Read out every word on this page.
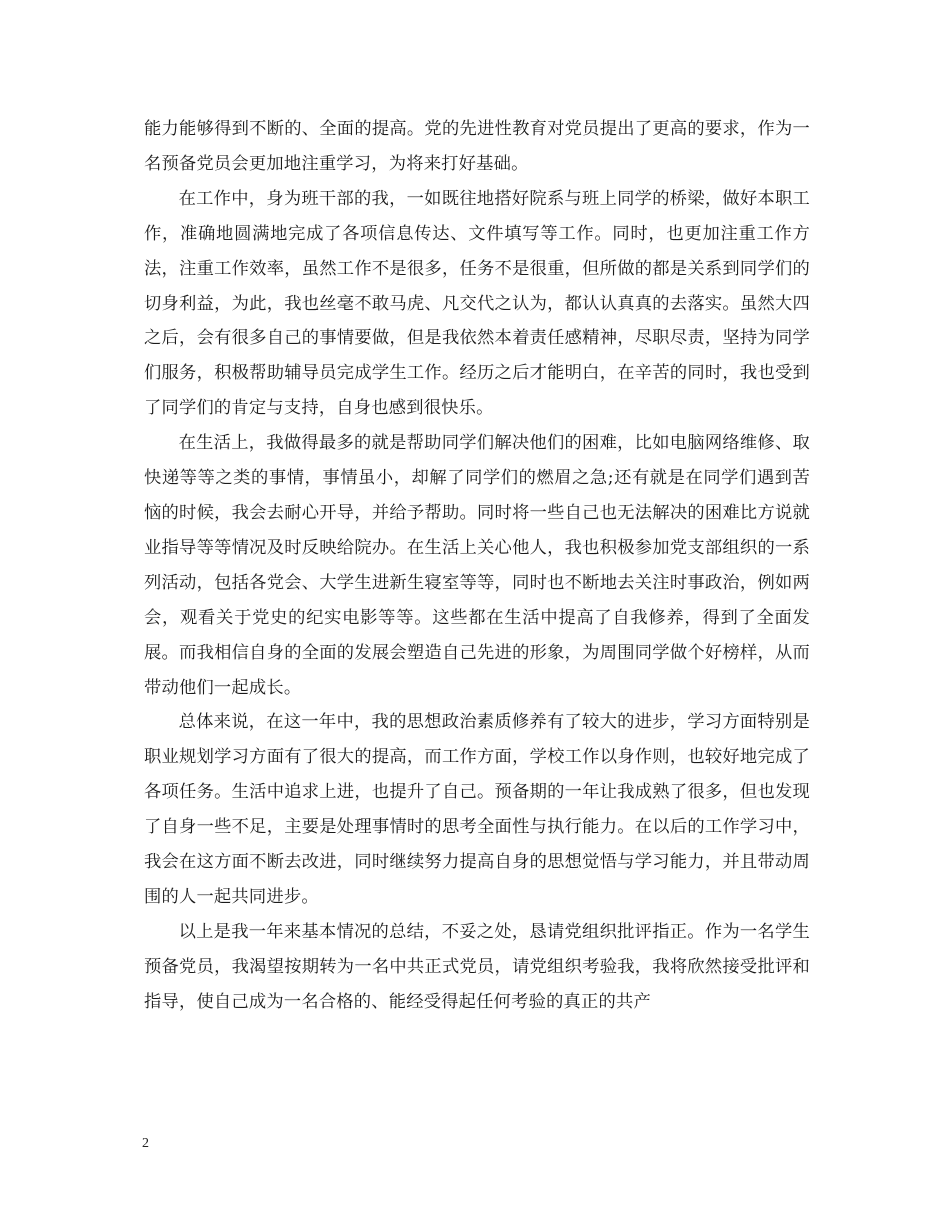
能力能够得到不断的、全面的提高。党的先进性教育对党员提出了更高的要求，作为一名预备党员会更加地注重学习，为将来打好基础。

在工作中，身为班干部的我，一如既往地搭好院系与班上同学的桥梁，做好本职工作，准确地圆满地完成了各项信息传达、文件填写等工作。同时，也更加注重工作方法，注重工作效率，虽然工作不是很多，任务不是很重，但所做的都是关系到同学们的切身利益，为此，我也丝毫不敢马虎、凡交代之认为，都认认真真的去落实。虽然大四之后，会有很多自己的事情要做，但是我依然本着责任感精神，尽职尽责，坚持为同学们服务，积极帮助辅导员完成学生工作。经历之后才能明白，在辛苦的同时，我也受到了同学们的肯定与支持，自身也感到很快乐。

在生活上，我做得最多的就是帮助同学们解决他们的困难，比如电脑网络维修、取快递等等之类的事情，事情虽小，却解了同学们的燃眉之急;还有就是在同学们遇到苦恼的时候，我会去耐心开导，并给予帮助。同时将一些自己也无法解决的困难比方说就业指导等等情况及时反映给院办。在生活上关心他人，我也积极参加党支部组织的一系列活动，包括各党会、大学生进新生寝室等等，同时也不断地去关注时事政治，例如两会，观看关于党史的纪实电影等等。这些都在生活中提高了自我修养，得到了全面发展。而我相信自身的全面的发展会塑造自己先进的形象，为周围同学做个好榜样，从而带动他们一起成长。

总体来说，在这一年中，我的思想政治素质修养有了较大的进步，学习方面特别是职业规划学习方面有了很大的提高，而工作方面，学校工作以身作则，也较好地完成了各项任务。生活中追求上进，也提升了自己。预备期的一年让我成熟了很多，但也发现了自身一些不足，主要是处理事情时的思考全面性与执行能力。在以后的工作学习中，我会在这方面不断去改进，同时继续努力提高自身的思想觉悟与学习能力，并且带动周围的人一起共同进步。

以上是我一年来基本情况的总结，不妥之处，恳请党组织批评指正。作为一名学生预备党员，我渴望按期转为一名中共正式党员，请党组织考验我，我将欣然接受批评和指导，使自己成为一名合格的、能经受得起任何考验的真正的共产

2
